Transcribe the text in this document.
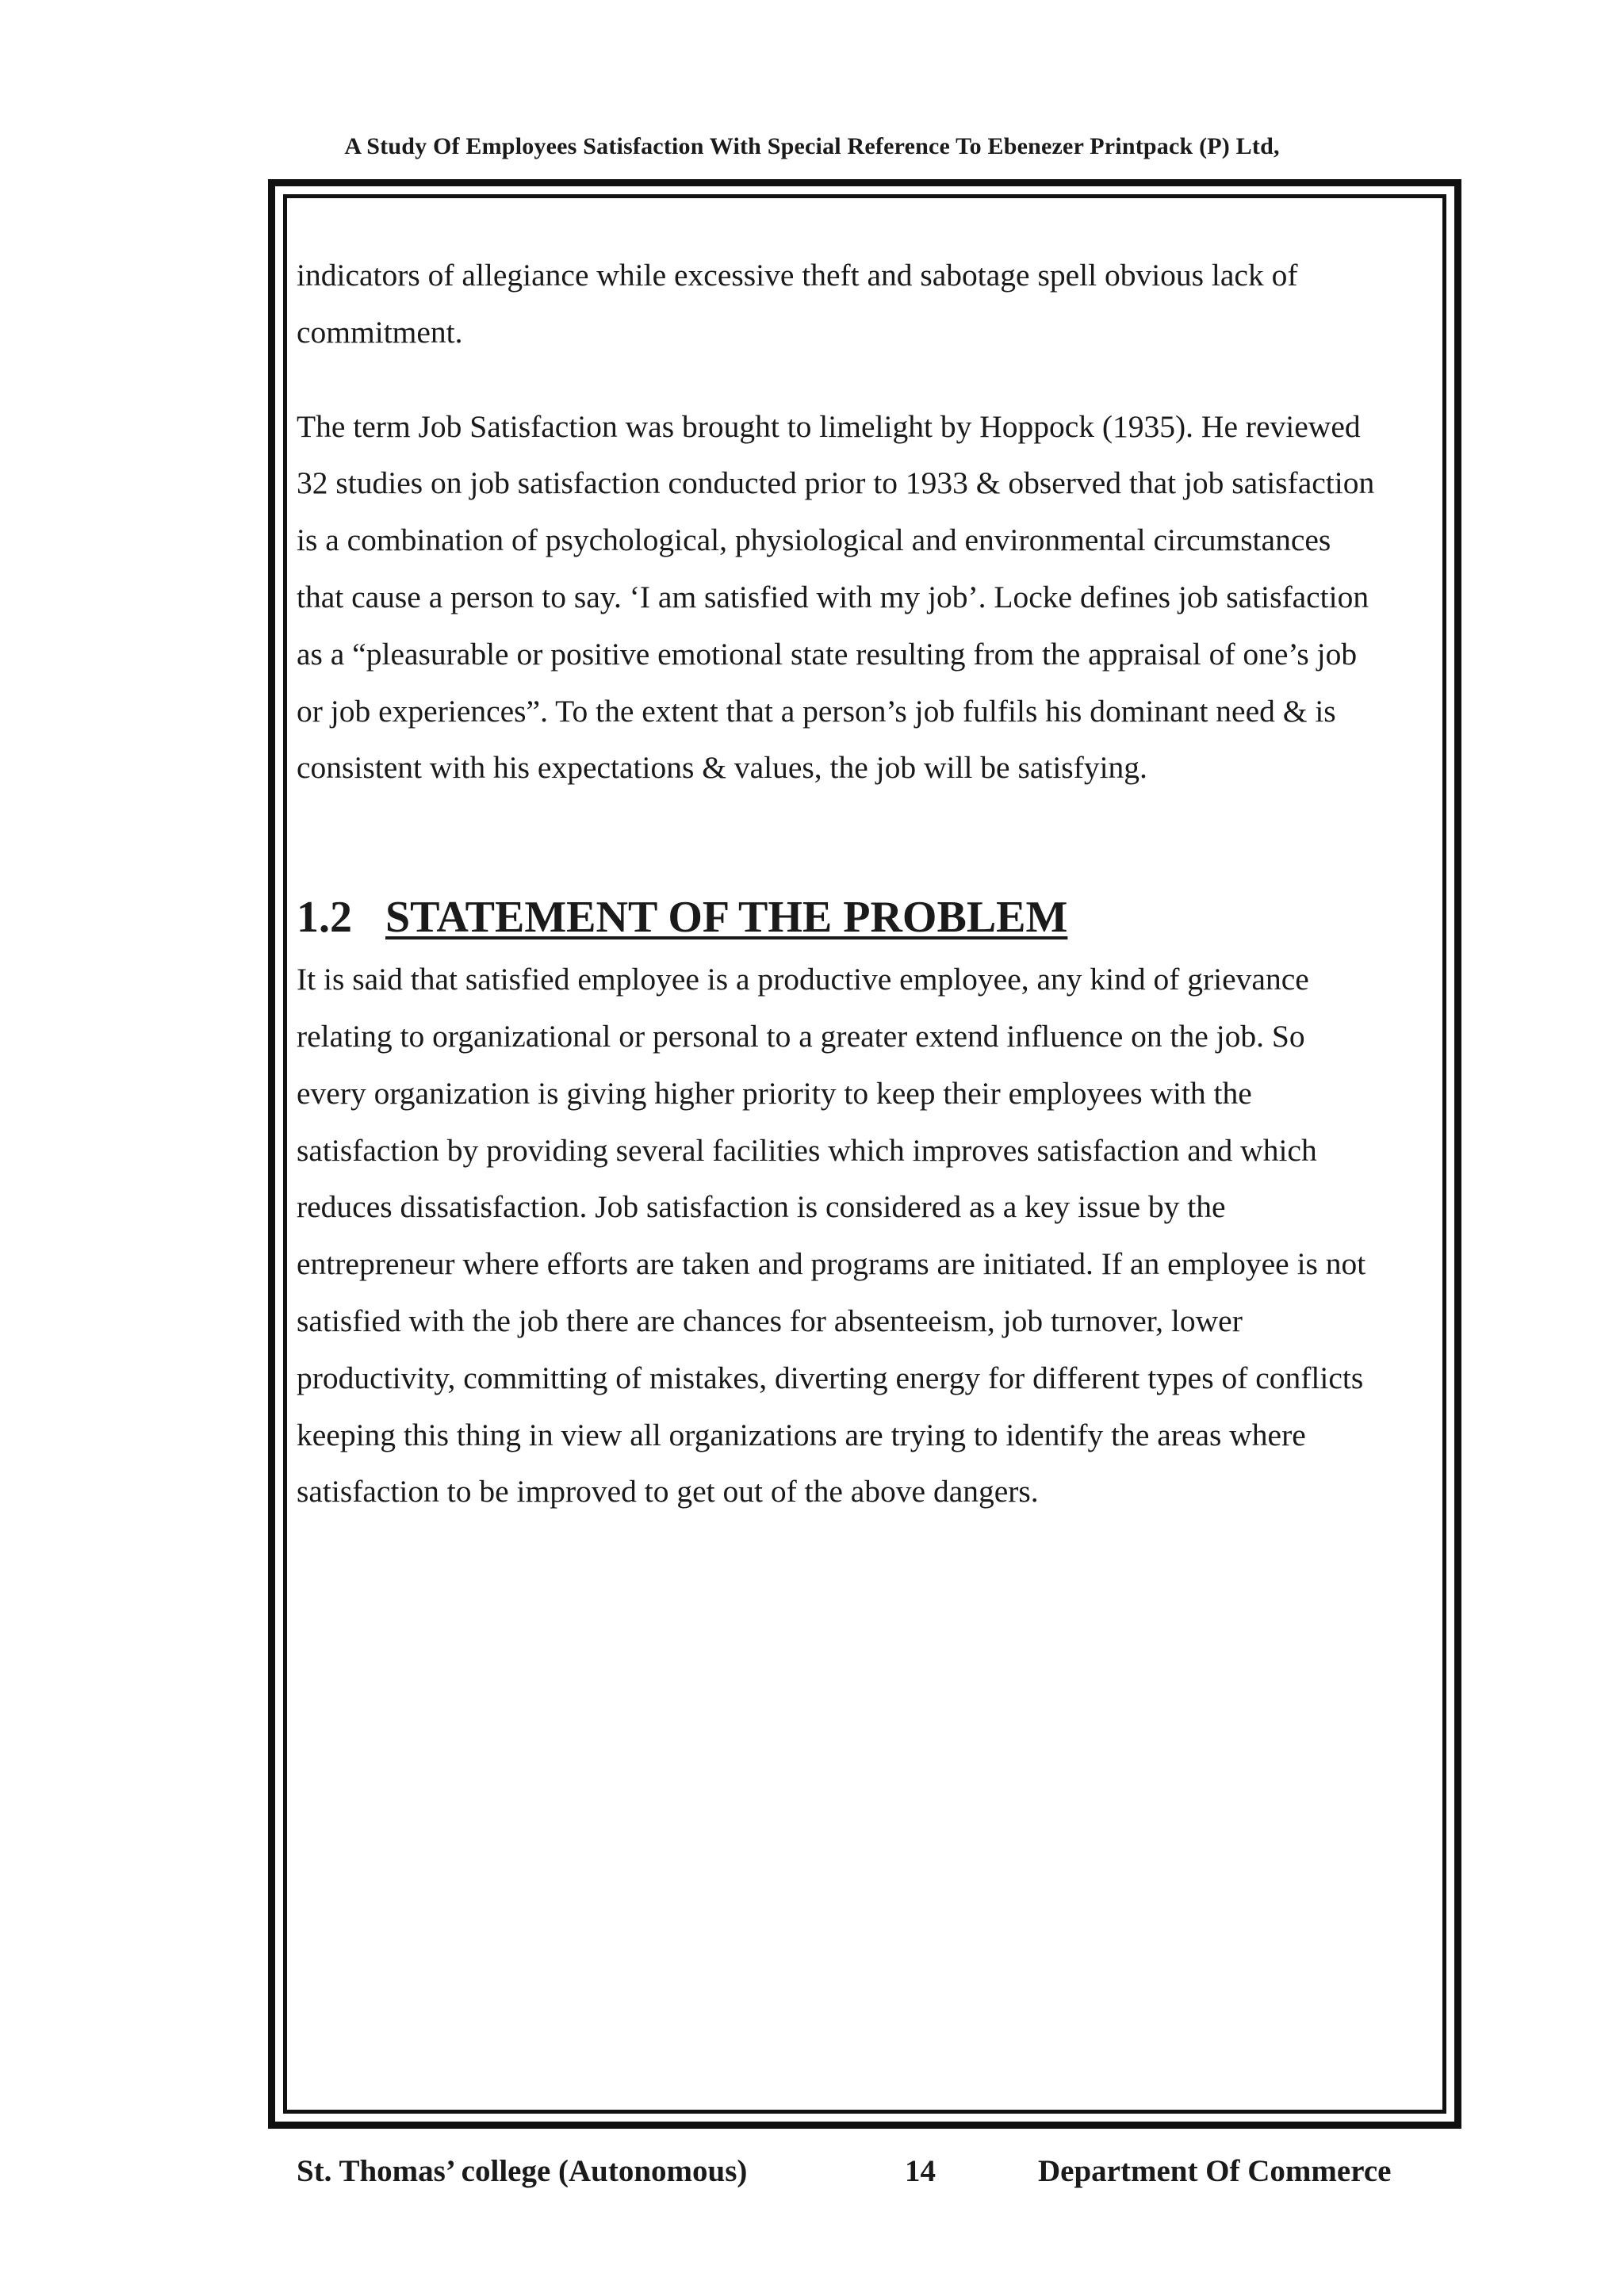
A Study Of Employees Satisfaction With Special Reference To Ebenezer Printpack (P) Ltd,

indicators of allegiance while excessive theft and sabotage spell obvious lack of
commitment.

The term Job Satisfaction was brought to limelight by Hoppock (1935). He reviewed
32 studies on job satisfaction conducted prior to 1933 & observed that job satisfaction
is a combination of psychological, physiological and environmental circumstances
that cause a person to say. ‘I am satisfied with my job’. Locke defines job satisfaction
as a “pleasurable or positive emotional state resulting from the appraisal of one’s job
or job experiences”. To the extent that a person’s job fulfils his dominant need & is
consistent with his expectations & values, the job will be satisfying.

1.2 STATEMENT OF THE PROBLEM

It is said that satisfied employee is a productive employee, any kind of grievance
relating to organizational or personal to a greater extend influence on the job. So
every organization is giving higher priority to keep their employees with the
satisfaction by providing several facilities which improves satisfaction and which
reduces dissatisfaction. Job satisfaction is considered as a key issue by the
entrepreneur where efforts are taken and programs are initiated. If an employee is not
satisfied with the job there are chances for absenteeism, job turnover, lower
productivity, committing of mistakes, diverting energy for different types of conflicts
keeping this thing in view all organizations are trying to identify the areas where
satisfaction to be improved to get out of the above dangers.

St. Thomas’ college (Autonomous)	14	Department Of Commerce
